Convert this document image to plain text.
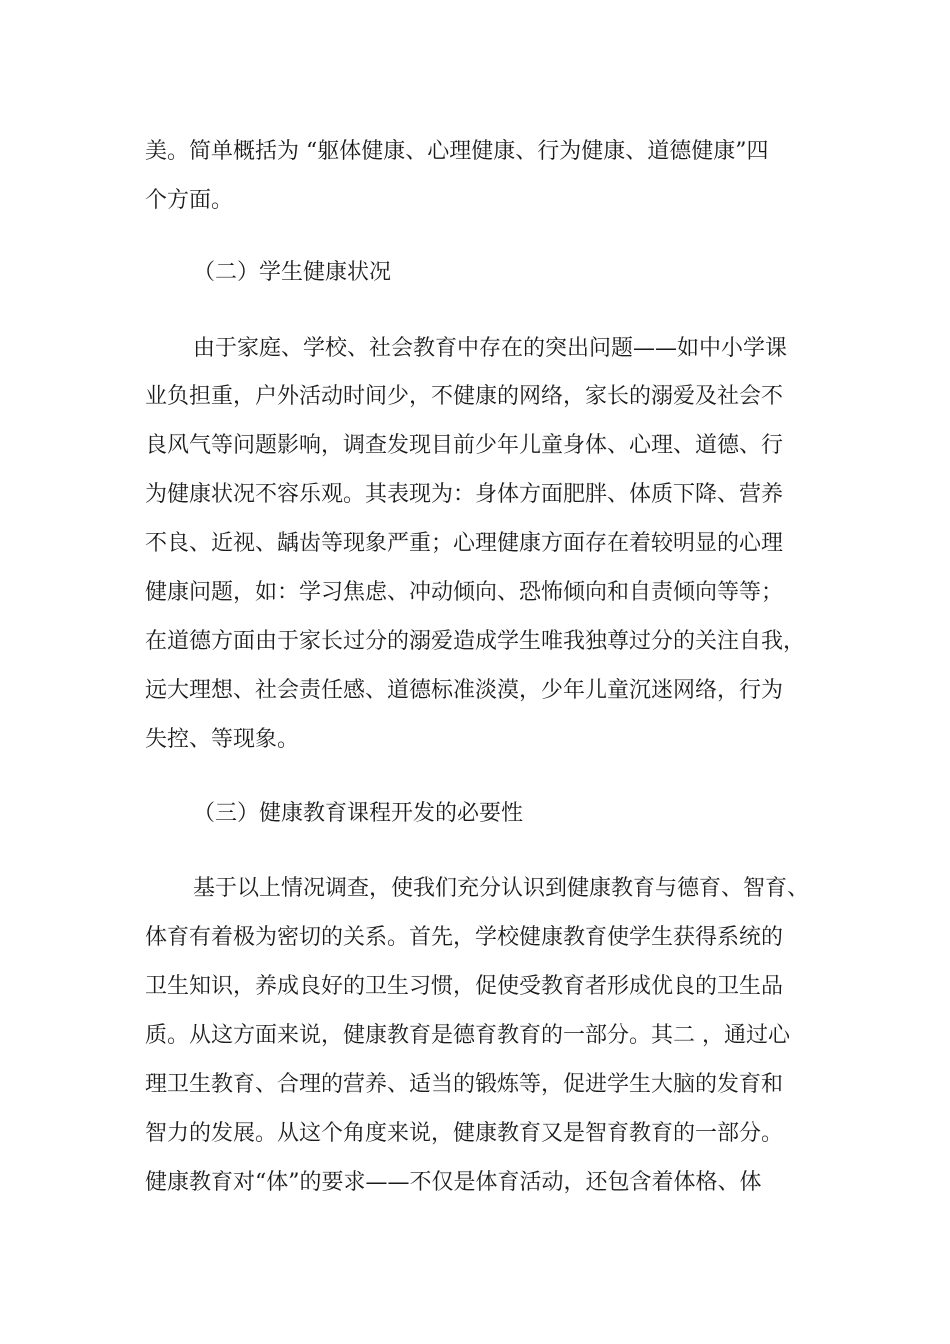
美。简单概括为 “躯体健康、心理健康、行为健康、道德健康”四
个方面。
（二）学生健康状况
由于家庭、学校、社会教育中存在的突出问题——如中小学课
业负担重，户外活动时间少，不健康的网络，家长的溺爱及社会不
良风气等问题影响，调查发现目前少年儿童身体、心理、道德、行
为健康状况不容乐观。其表现为：身体方面肥胖、体质下降、营养
不良、近视、龋齿等现象严重；心理健康方面存在着较明显的心理
健康问题，如：学习焦虑、冲动倾向、恐怖倾向和自责倾向等等；
在道德方面由于家长过分的溺爱造成学生唯我独尊过分的关注自我，
远大理想、社会责任感、道德标准淡漠，少年儿童沉迷网络，行为
失控、等现象。
（三）健康教育课程开发的必要性
基于以上情况调查，使我们充分认识到健康教育与德育、智育、
体育有着极为密切的关系。首先，学校健康教育使学生获得系统的
卫生知识，养成良好的卫生习惯，促使受教育者形成优良的卫生品
质。从这方面来说，健康教育是德育教育的一部分。其二 ，通过心
理卫生教育、合理的营养、适当的锻炼等，促进学生大脑的发育和
智力的发展。从这个角度来说，健康教育又是智育教育的一部分。
健康教育对“体”的要求——不仅是体育活动，还包含着体格、体
